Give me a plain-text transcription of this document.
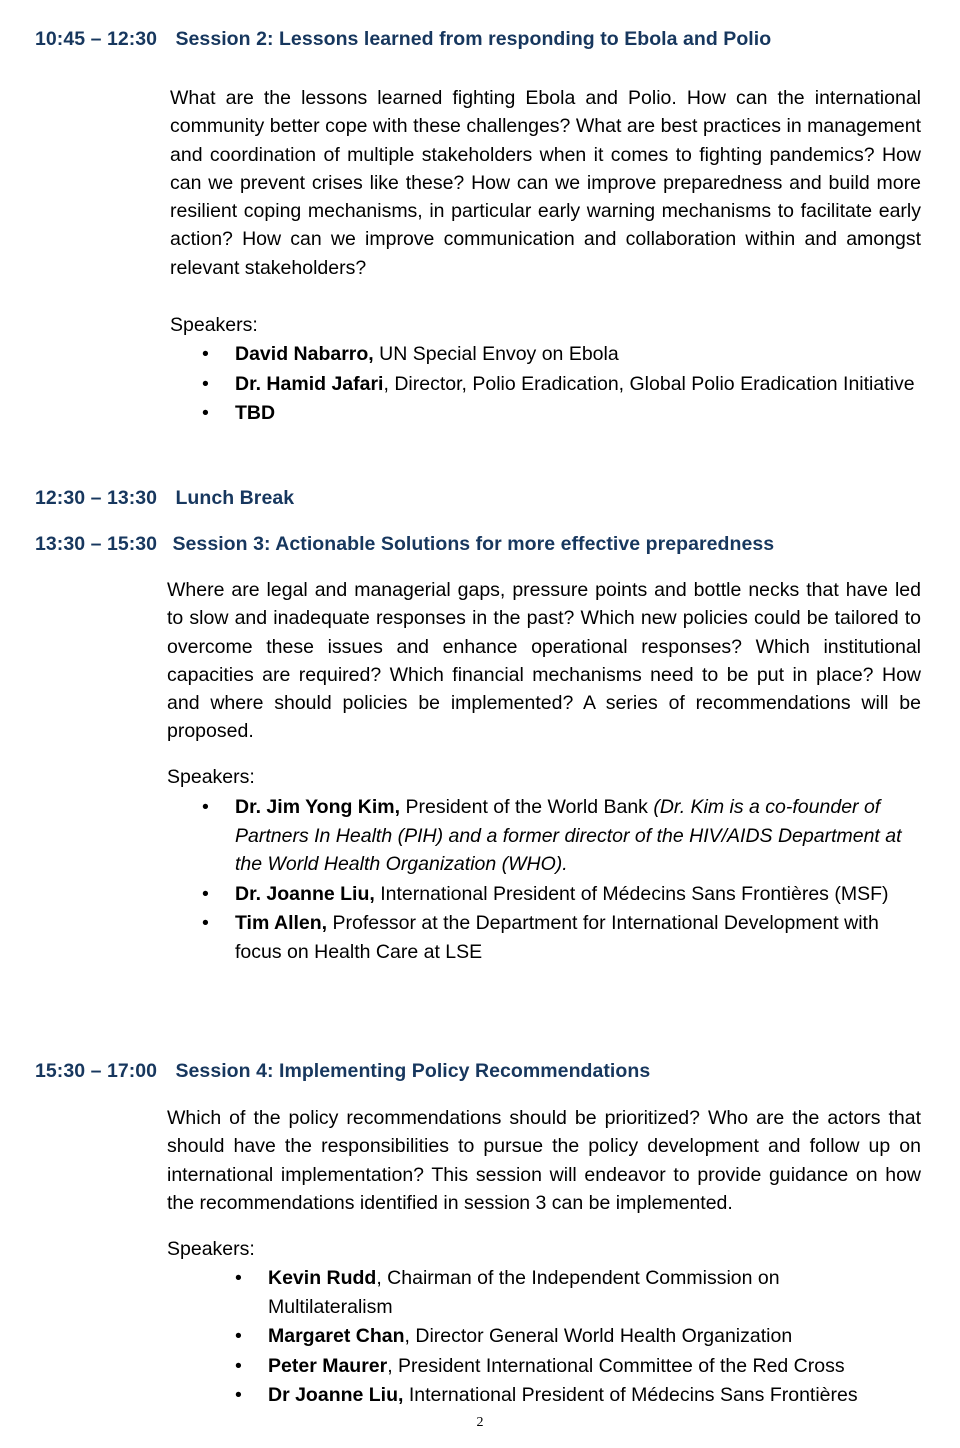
10:45 – 12:30 Session 2: Lessons learned from responding to Ebola and Polio

What are the lessons learned fighting Ebola and Polio. How can the international community better cope with these challenges? What are best practices in management and coordination of multiple stakeholders when it comes to fighting pandemics? How can we prevent crises like these? How can we improve preparedness and build more resilient coping mechanisms, in particular early warning mechanisms to facilitate early action? How can we improve communication and collaboration within and amongst relevant stakeholders?

Speakers:
• David Nabarro, UN Special Envoy on Ebola
• Dr. Hamid Jafari, Director, Polio Eradication, Global Polio Eradication Initiative
• TBD
12:30 – 13:30 Lunch Break
13:30 – 15:30 Session 3: Actionable Solutions for more effective preparedness

Where are legal and managerial gaps, pressure points and bottle necks that have led to slow and inadequate responses in the past? Which new policies could be tailored to overcome these issues and enhance operational responses? Which institutional capacities are required? Which financial mechanisms need to be put in place? How and where should policies be implemented? A series of recommendations will be proposed.

Speakers:
• Dr. Jim Yong Kim, President of the World Bank (Dr. Kim is a co-founder of Partners In Health (PIH) and a former director of the HIV/AIDS Department at the World Health Organization (WHO).
• Dr. Joanne Liu, International President of Médecins Sans Frontières (MSF)
• Tim Allen, Professor at the Department for International Development with focus on Health Care at LSE
15:30 – 17:00 Session 4: Implementing Policy Recommendations

Which of the policy recommendations should be prioritized? Who are the actors that should have the responsibilities to pursue the policy development and follow up on international implementation? This session will endeavor to provide guidance on how the recommendations identified in session 3 can be implemented.

Speakers:
• Kevin Rudd, Chairman of the Independent Commission on Multilateralism
• Margaret Chan, Director General World Health Organization
• Peter Maurer, President International Committee of the Red Cross
• Dr Joanne Liu, International President of Médecins Sans Frontières
2
